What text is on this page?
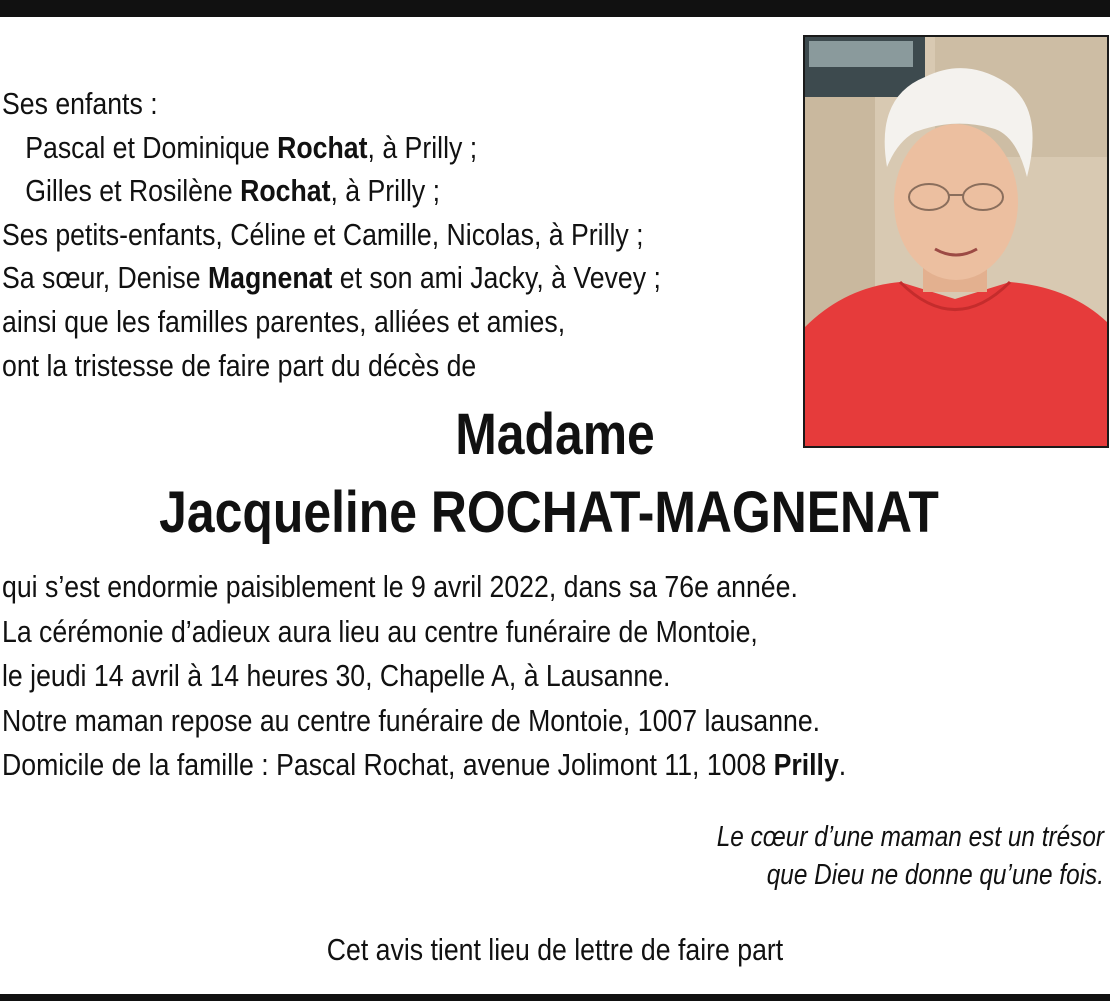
Ses enfants :
Pascal et Dominique Rochat, à Prilly ;
Gilles et Rosilène Rochat, à Prilly ;
Ses petits-enfants, Céline et Camille, Nicolas, à Prilly ;
Sa sœur, Denise Magnenat et son ami Jacky, à Vevey ;
ainsi que les familles parentes, alliées et amies,
ont la tristesse de faire part du décès de
Madame
Jacqueline ROCHAT-MAGNENAT
qui s’est endormie paisiblement le 9 avril 2022, dans sa 76e année.
La cérémonie d’adieux aura lieu au centre funéraire de Montoie,
le jeudi 14 avril à 14 heures 30, Chapelle A, à Lausanne.
Notre maman repose au centre funéraire de Montoie, 1007 lausanne.
Domicile de la famille : Pascal Rochat, avenue Jolimont 11, 1008 Prilly.
Le cœur d’une maman est un trésor
que Dieu ne donne qu’une fois.
Cet avis tient lieu de lettre de faire part
